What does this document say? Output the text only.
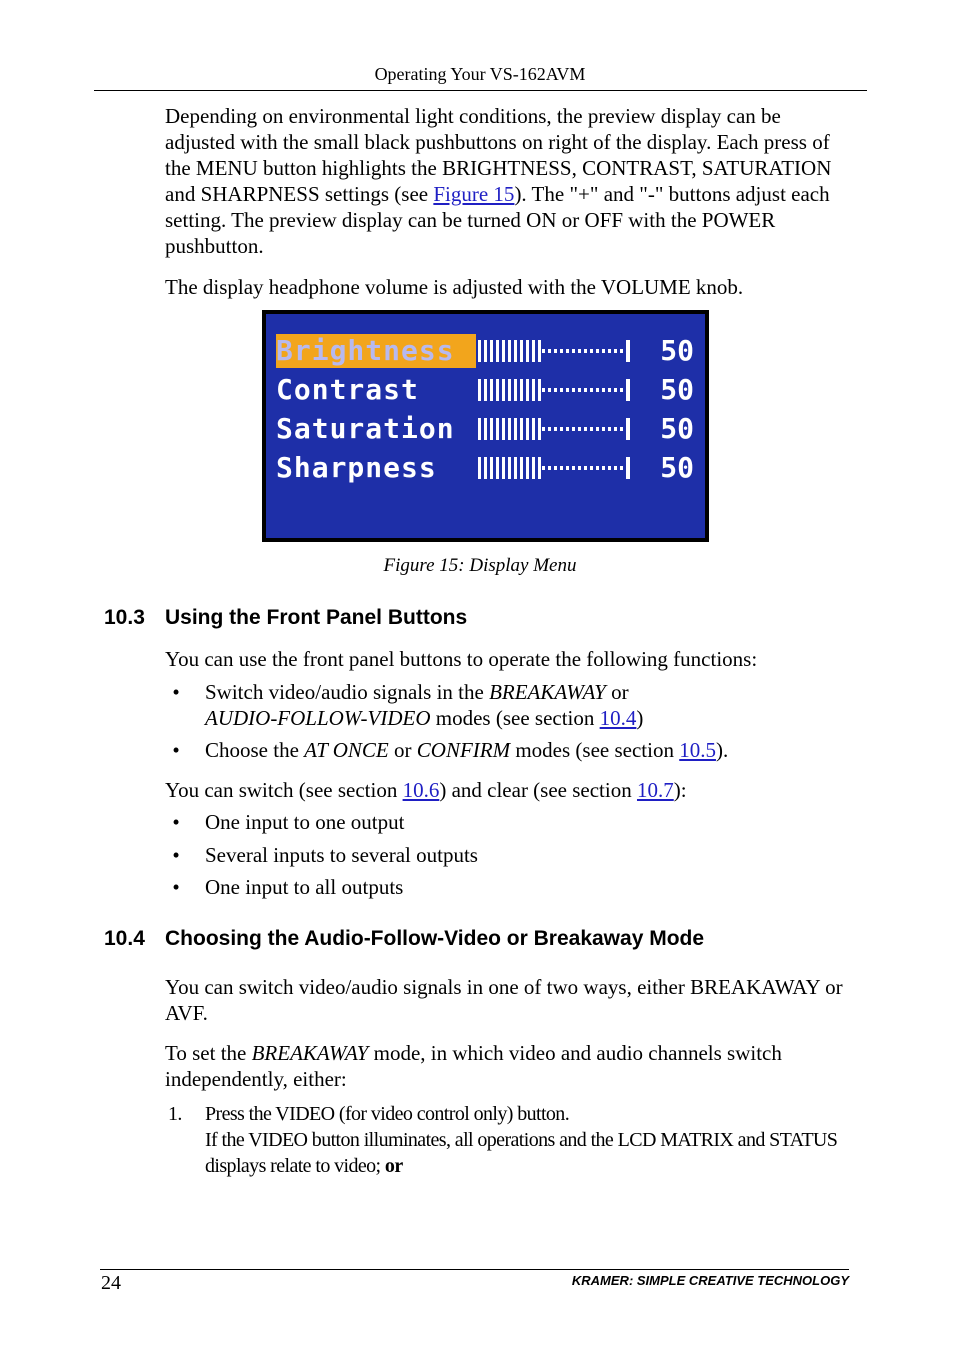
Operating Your VS-162AVM
Depending on environmental light conditions, the preview display can be adjusted with the small black pushbuttons on right of the display. Each press of the MENU button highlights the BRIGHTNESS, CONTRAST, SATURATION and SHARPNESS settings (see Figure 15). The "+" and "-" buttons adjust each setting. The preview display can be turned ON or OFF with the POWER pushbutton.
The display headphone volume is adjusted with the VOLUME knob.
Brightness	50
Contrast	50
Saturation	50
Sharpness	50
Figure 15: Display Menu
10.3 Using the Front Panel Buttons
You can use the front panel buttons to operate the following functions:
• Switch video/audio signals in the BREAKAWAY or
AUDIO-FOLLOW-VIDEO modes (see section 10.4)
• Choose the AT ONCE or CONFIRM modes (see section 10.5).
You can switch (see section 10.6) and clear (see section 10.7):
• One input to one output
• Several inputs to several outputs
• One input to all outputs
10.4 Choosing the Audio-Follow-Video or Breakaway Mode
You can switch video/audio signals in one of two ways, either BREAKAWAY or AVF.
To set the BREAKAWAY mode, in which video and audio channels switch independently, either:
1. Press the VIDEO (for video control only) button.
If the VIDEO button illuminates, all operations and the LCD MATRIX and STATUS displays relate to video; or
24	KRAMER: SIMPLE CREATIVE TECHNOLOGY
